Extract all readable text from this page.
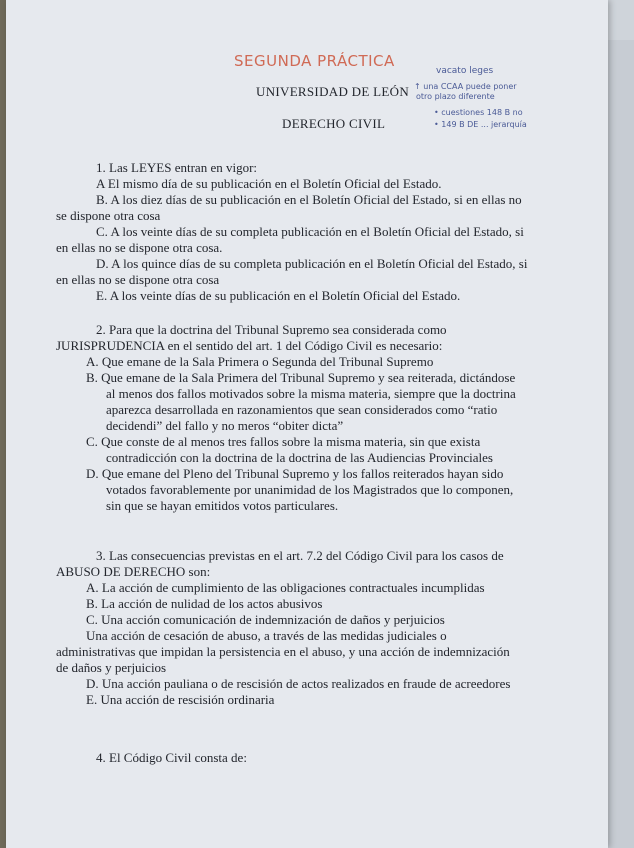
SEGUNDA PRÁCTICA
vacato leges
↑ una CCAA puede poner
otro plazo diferente
• cuestiones 148 B no
• 149 B DE ... jerarquía
UNIVERSIDAD DE LEÓN
DERECHO CIVIL
1. Las LEYES entran en vigor:
A El mismo día de su publicación en el Boletín Oficial del Estado.
B. A los diez días de su publicación en el Boletín Oficial del Estado, si en ellas no
se dispone otra cosa
C. A los veinte días de su completa publicación en el Boletín Oficial del Estado, si
en ellas no se dispone otra cosa.
D. A los quince días de su completa publicación en el Boletín Oficial del Estado, si
en ellas no se dispone otra cosa
E. A los veinte días de su publicación en el Boletín Oficial del Estado.
2. Para que la doctrina del Tribunal Supremo sea considerada como
JURISPRUDENCIA en el sentido del art. 1 del Código Civil es necesario:
A. Que emane de la Sala Primera o Segunda del Tribunal Supremo
B. Que emane de la Sala Primera del Tribunal Supremo y sea reiterada, dictándose
al menos dos fallos motivados sobre la misma materia, siempre que la doctrina
aparezca desarrollada en razonamientos que sean considerados como “ratio
decidendi” del fallo y no meros “obiter dicta”
C. Que conste de al menos tres fallos sobre la misma materia, sin que exista
contradicción con la doctrina de la doctrina de las Audiencias Provinciales
D. Que emane del Pleno del Tribunal Supremo y los fallos reiterados hayan sido
votados favorablemente por unanimidad de los Magistrados que lo componen,
sin que se hayan emitidos votos particulares.
3. Las consecuencias previstas en el art. 7.2 del Código Civil para los casos de
ABUSO DE DERECHO son:
A. La acción de cumplimiento de las obligaciones contractuales incumplidas
B. La acción de nulidad de los actos abusivos
C. Una acción comunicación de indemnización de daños y perjuicios
Una acción de cesación de abuso, a través de las medidas judiciales o
administrativas que impidan la persistencia en el abuso, y una acción de indemnización
de daños y perjuicios
D. Una acción pauliana o de rescisión de actos realizados en fraude de acreedores
E. Una acción de rescisión ordinaria
4. El Código Civil consta de:
